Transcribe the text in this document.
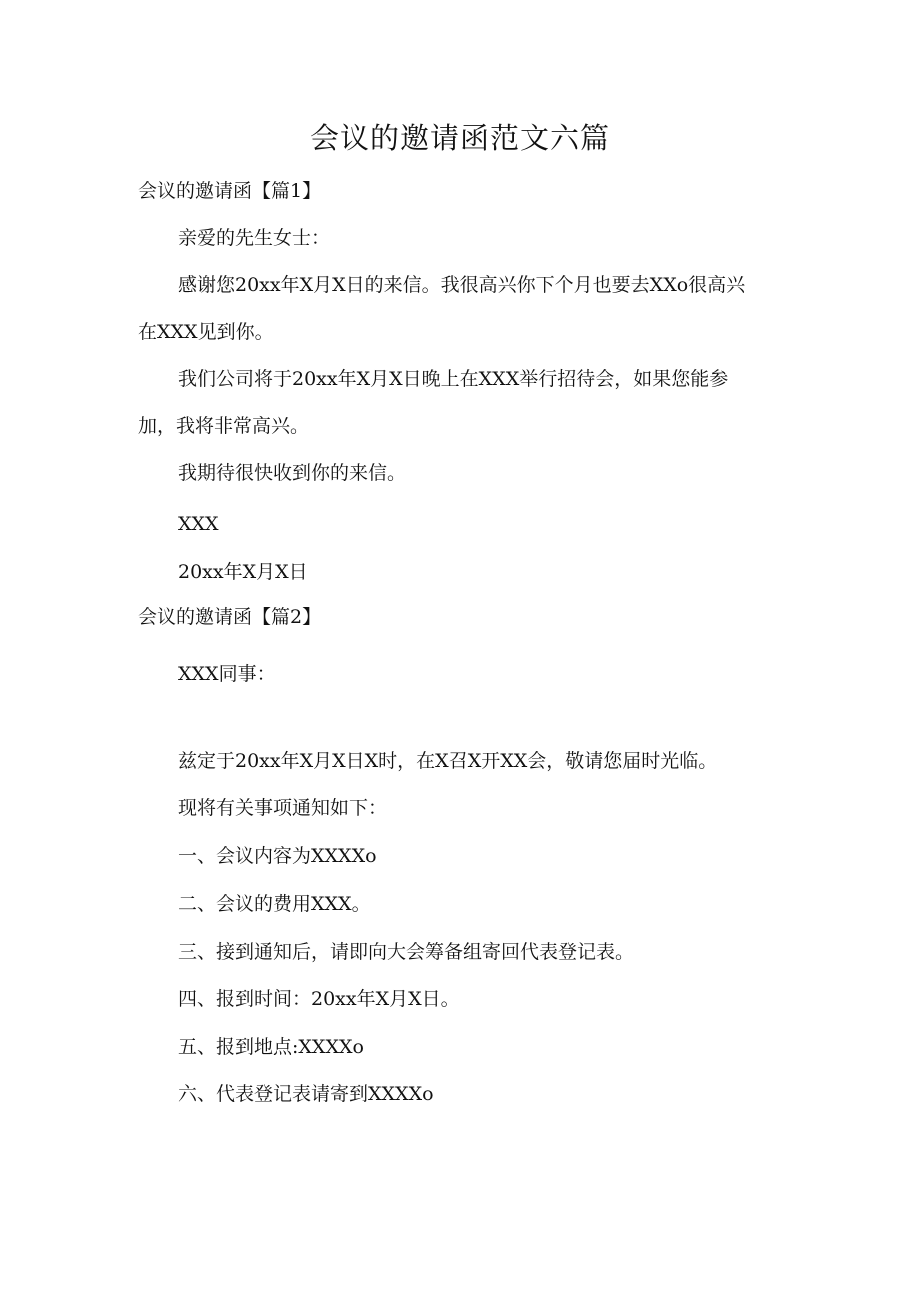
会议的邀请函范文六篇
会议的邀请函【篇1】
亲爱的先生女士：
感谢您20xx年X月X日的来信。我很高兴你下个月也要去XXo很高兴
在XXX见到你。
我们公司将于20xx年X月X日晚上在XXX举行招待会，如果您能参
加，我将非常高兴。
我期待很快收到你的来信。
XXX
20xx年X月X日
会议的邀请函【篇2】
XXX同事：
兹定于20xx年X月X日X时，在X召X开XX会，敬请您届时光临。
现将有关事项通知如下：
一、会议内容为XXXXo
二、会议的费用XXX。
三、接到通知后，请即向大会筹备组寄回代表登记表。
四、报到时间：20xx年X月X日。
五、报到地点:XXXXo
六、代表登记表请寄到XXXXo
